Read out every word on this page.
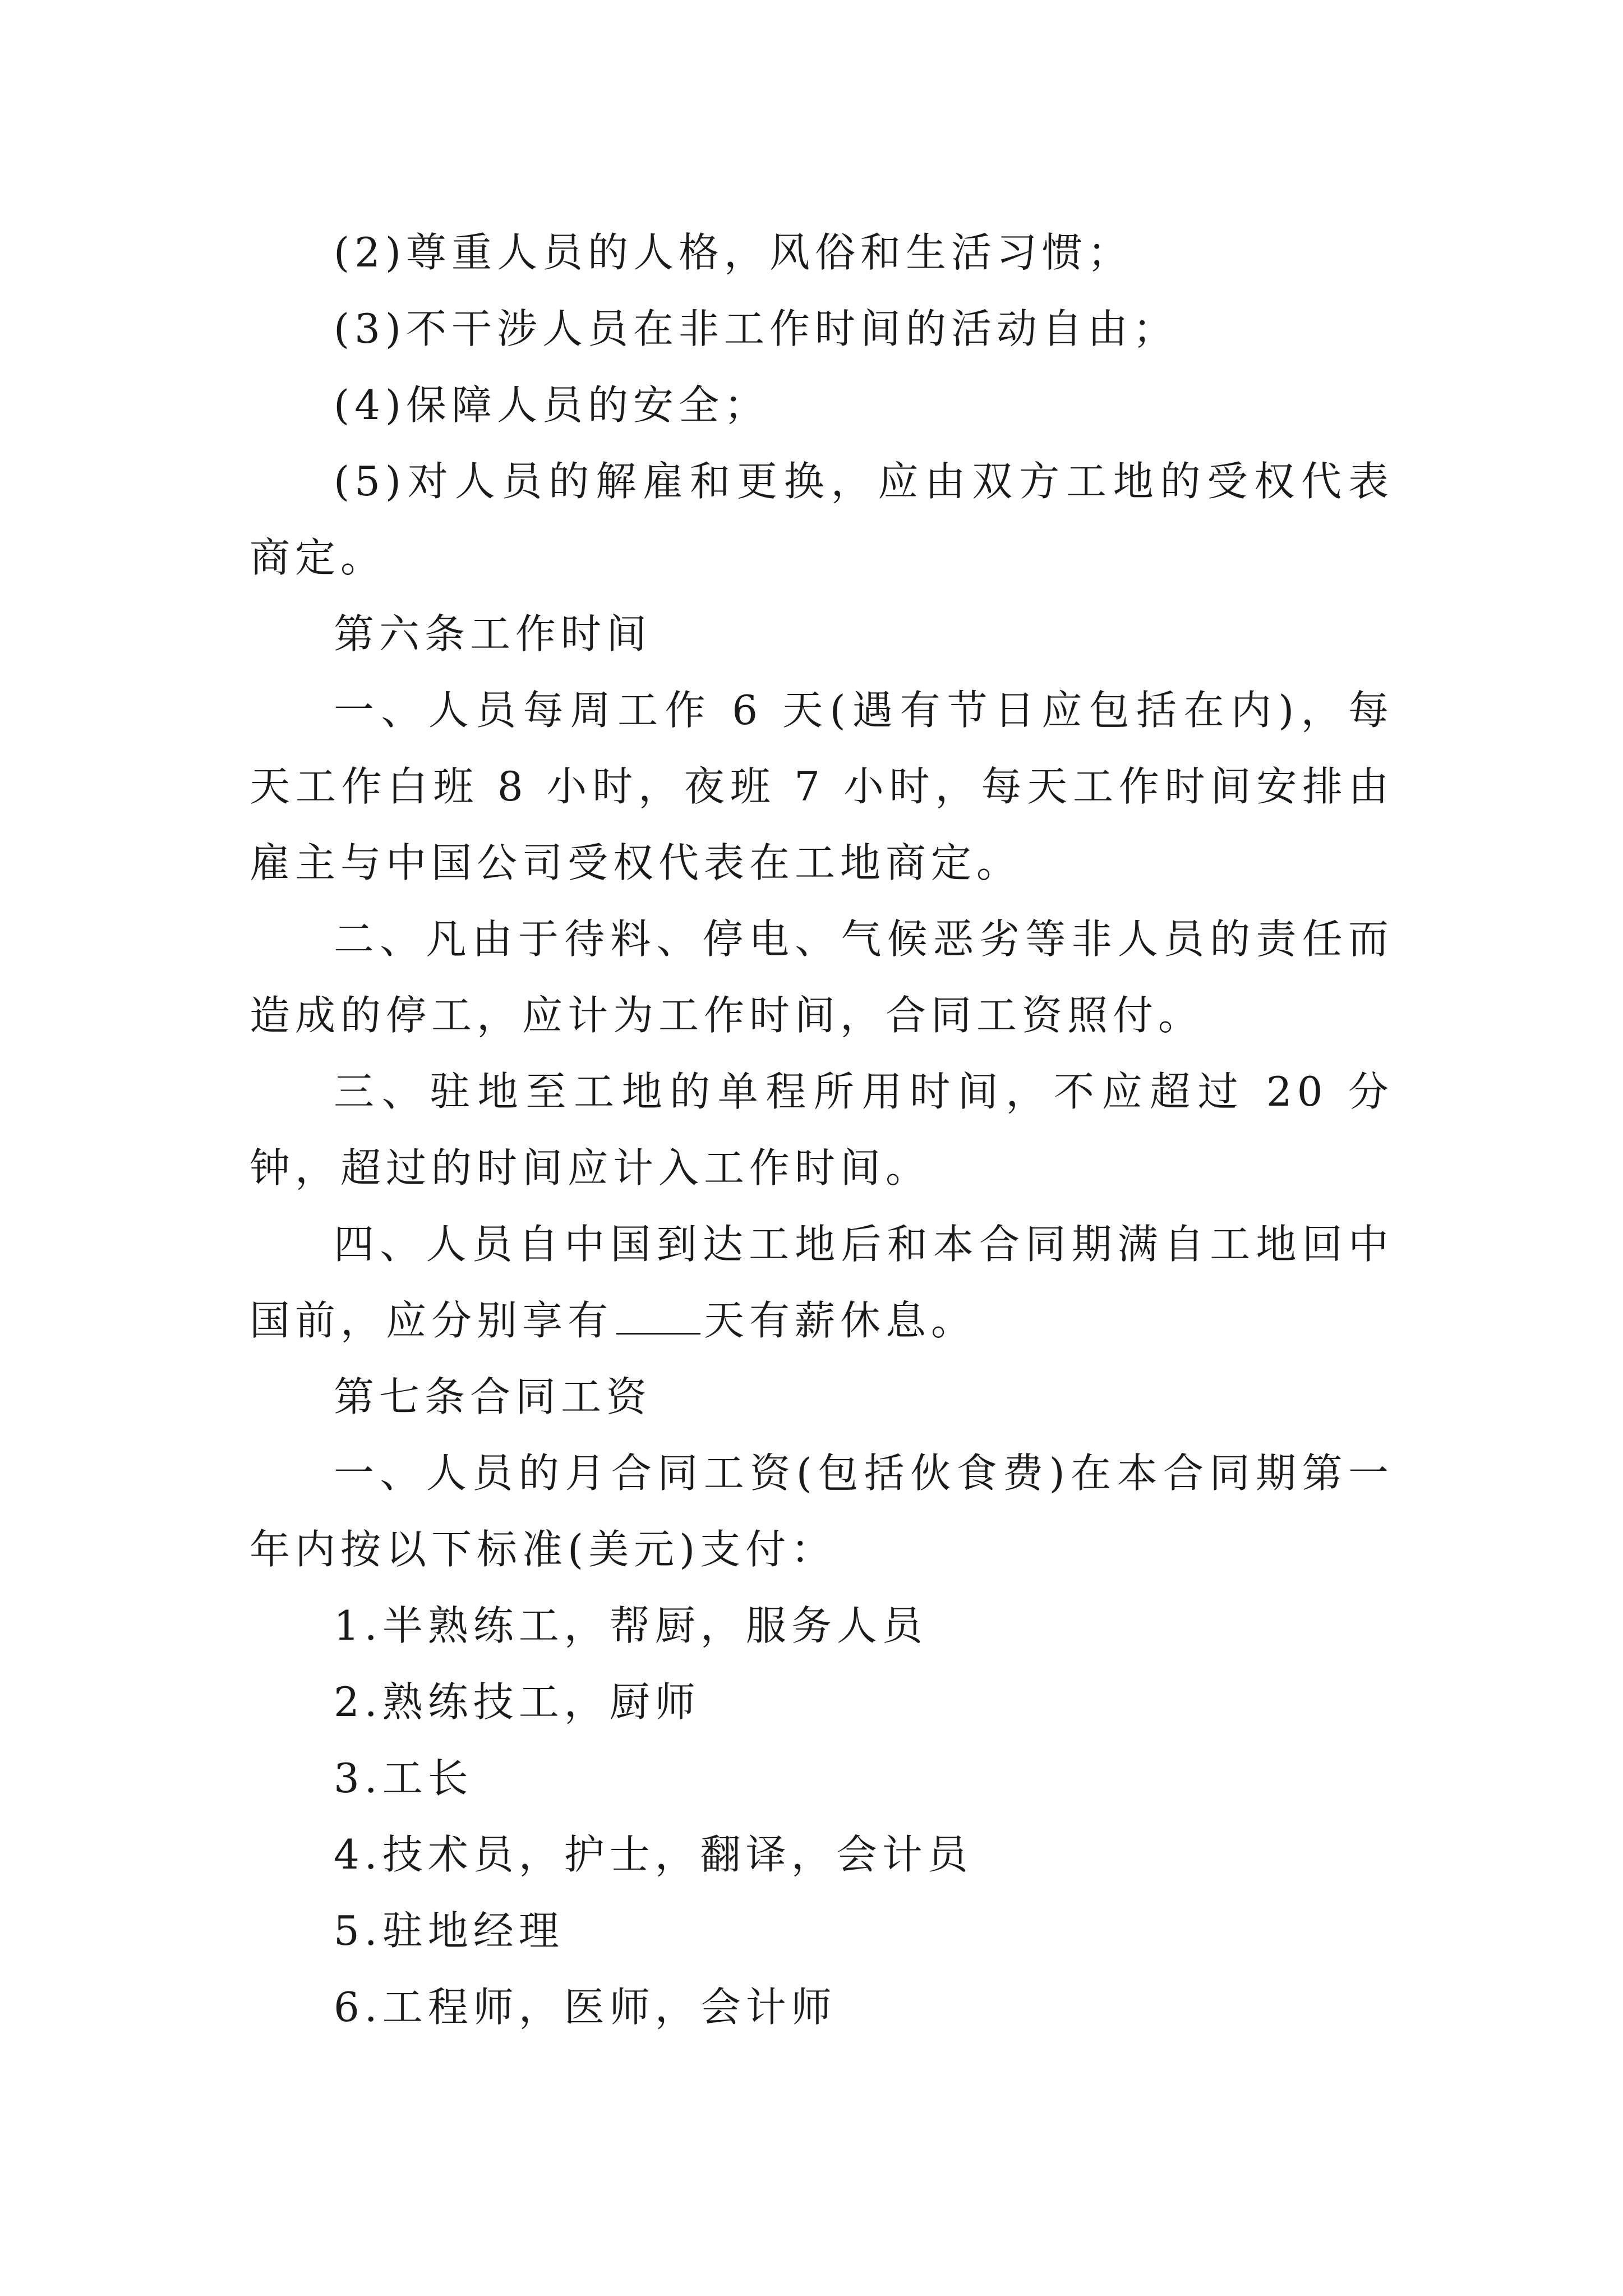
(2)尊重人员的人格，风俗和生活习惯；

(3)不干涉人员在非工作时间的活动自由；

(4)保障人员的安全；

(5)对人员的解雇和更换，应由双方工地的受权代表商定。

第六条工作时间

一、人员每周工作 6 天(遇有节日应包括在内)，每天工作白班 8 小时，夜班 7 小时，每天工作时间安排由雇主与中国公司受权代表在工地商定。

二、凡由于待料、停电、气候恶劣等非人员的责任而造成的停工，应计为工作时间，合同工资照付。

三、驻地至工地的单程所用时间，不应超过 20 分钟，超过的时间应计入工作时间。

四、人员自中国到达工地后和本合同期满自工地回中国前，应分别享有 天有薪休息。

第七条合同工资

一、人员的月合同工资(包括伙食费)在本合同期第一年内按以下标准(美元)支付：

1.半熟练工，帮厨，服务人员

2.熟练技工，厨师

3.工长

4.技术员，护士，翻译，会计员

5.驻地经理

6.工程师，医师，会计师
